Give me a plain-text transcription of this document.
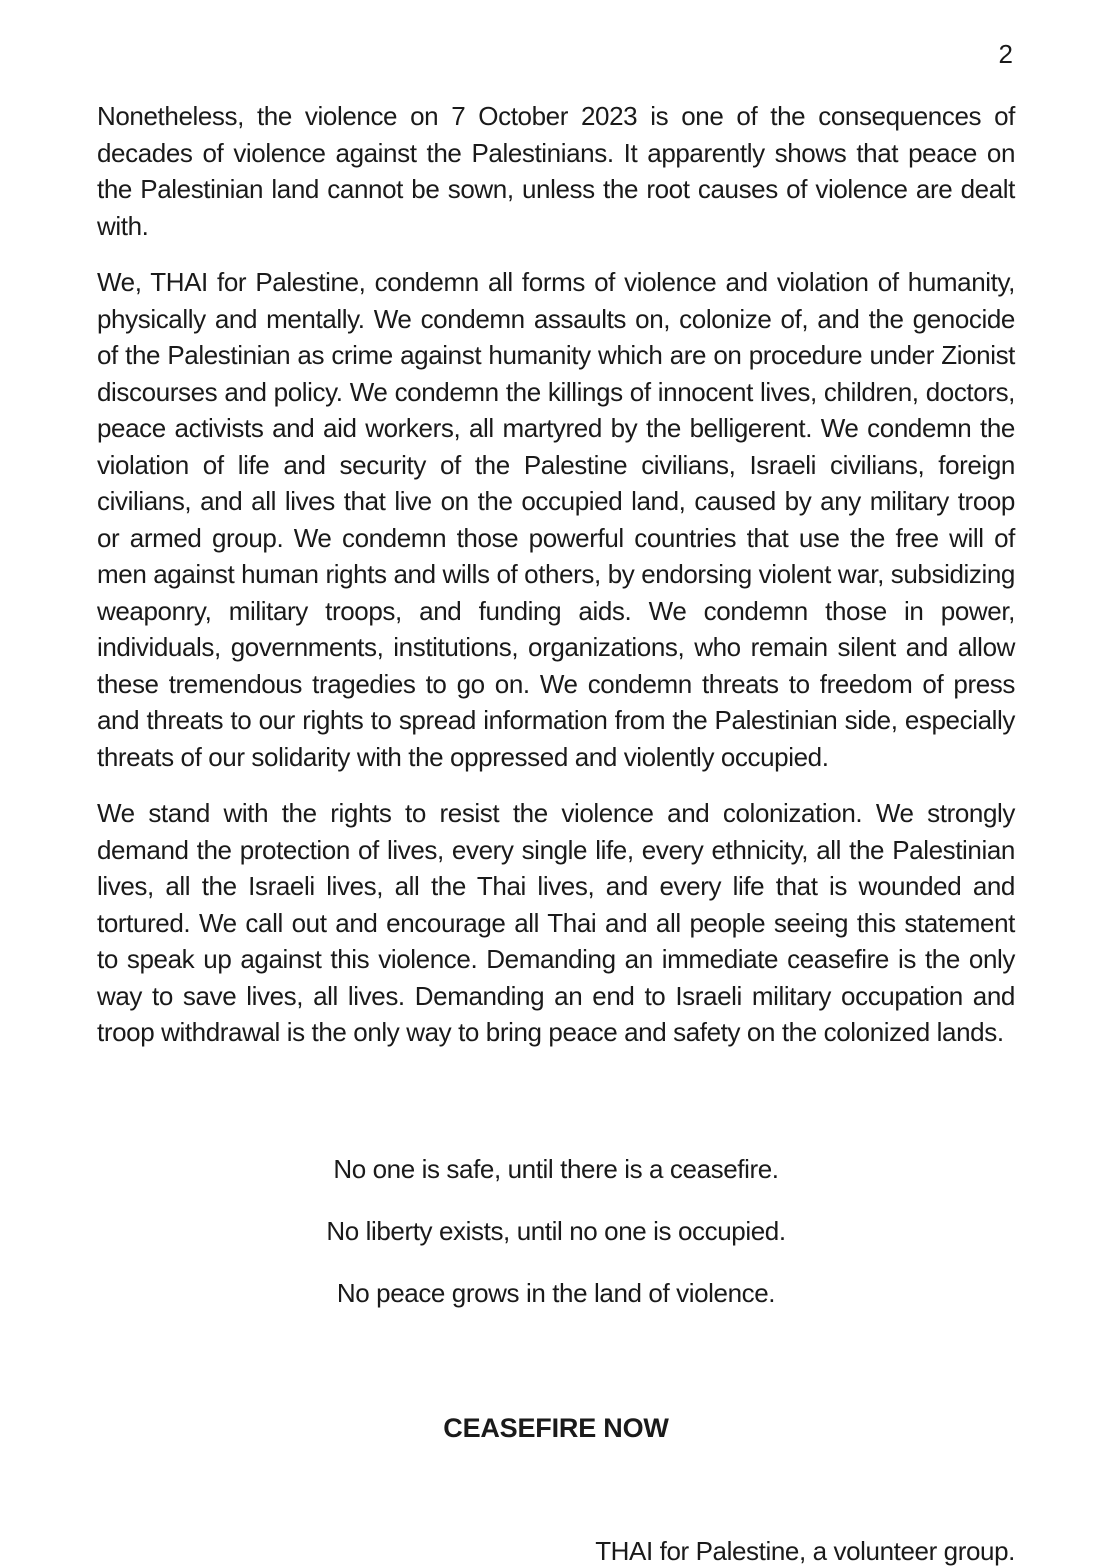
2

Nonetheless, the violence on 7 October 2023 is one of the consequences of decades of violence against the Palestinians. It apparently shows that peace on the Palestinian land cannot be sown, unless the root causes of violence are dealt with.

We, THAI for Palestine, condemn all forms of violence and violation of humanity, physically and mentally. We condemn assaults on, colonize of, and the genocide of the Palestinian as crime against humanity which are on procedure under Zionist discourses and policy. We condemn the killings of innocent lives, children, doctors, peace activists and aid workers, all martyred by the belligerent. We condemn the violation of life and security of the Palestine civilians, Israeli civilians, foreign civilians, and all lives that live on the occupied land, caused by any military troop or armed group. We condemn those powerful countries that use the free will of men against human rights and wills of others, by endorsing violent war, subsidizing weaponry, military troops, and funding aids. We condemn those in power, individuals, governments, institutions, organizations, who remain silent and allow these tremendous tragedies to go on. We condemn threats to freedom of press and threats to our rights to spread information from the Palestinian side, especially threats of our solidarity with the oppressed and violently occupied.

We stand with the rights to resist the violence and colonization. We strongly demand the protection of lives, every single life, every ethnicity, all the Palestinian lives, all the Israeli lives, all the Thai lives, and every life that is wounded and tortured. We call out and encourage all Thai and all people seeing this statement to speak up against this violence. Demanding an immediate ceasefire is the only way to save lives, all lives. Demanding an end to Israeli military occupation and troop withdrawal is the only way to bring peace and safety on the colonized lands.

No one is safe, until there is a ceasefire.

No liberty exists, until no one is occupied.

No peace grows in the land of violence.

CEASEFIRE NOW

THAI for Palestine, a volunteer group.
